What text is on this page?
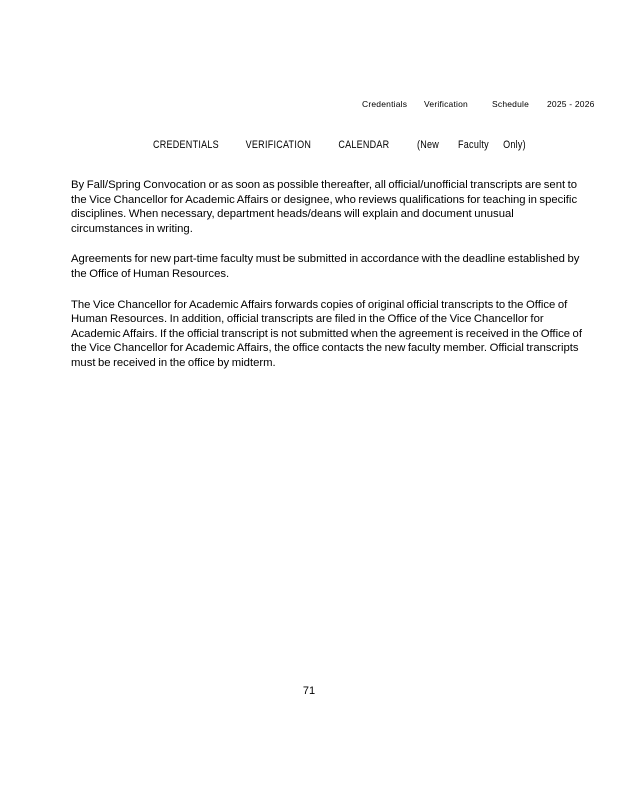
Credentials Verification	Schedule 2025 - 2026
CREDENTIALS VERIFICATION CALENDAR	(New Faculty Only)

By Fall/Spring Convocation or as soon as possible thereafter, all official/unofficial transcripts are sent to the Vice Chancellor for Academic Affairs or designee, who reviews qualifications for teaching in specific disciplines. When necessary, department heads/deans will explain and document unusual circumstances in writing.

Agreements for new part-time faculty must be submitted in accordance with the deadline established by the Office of Human Resources.

The Vice Chancellor for Academic Affairs forwards copies of original official transcripts to the Office of Human Resources. In addition, official transcripts are filed in the Office of the Vice Chancellor for Academic Affairs. If the official transcript is not submitted when the agreement is received in the Office of the Vice Chancellor for Academic Affairs, the office contacts the new faculty member. Official transcripts must be received in the office by midterm.

71
